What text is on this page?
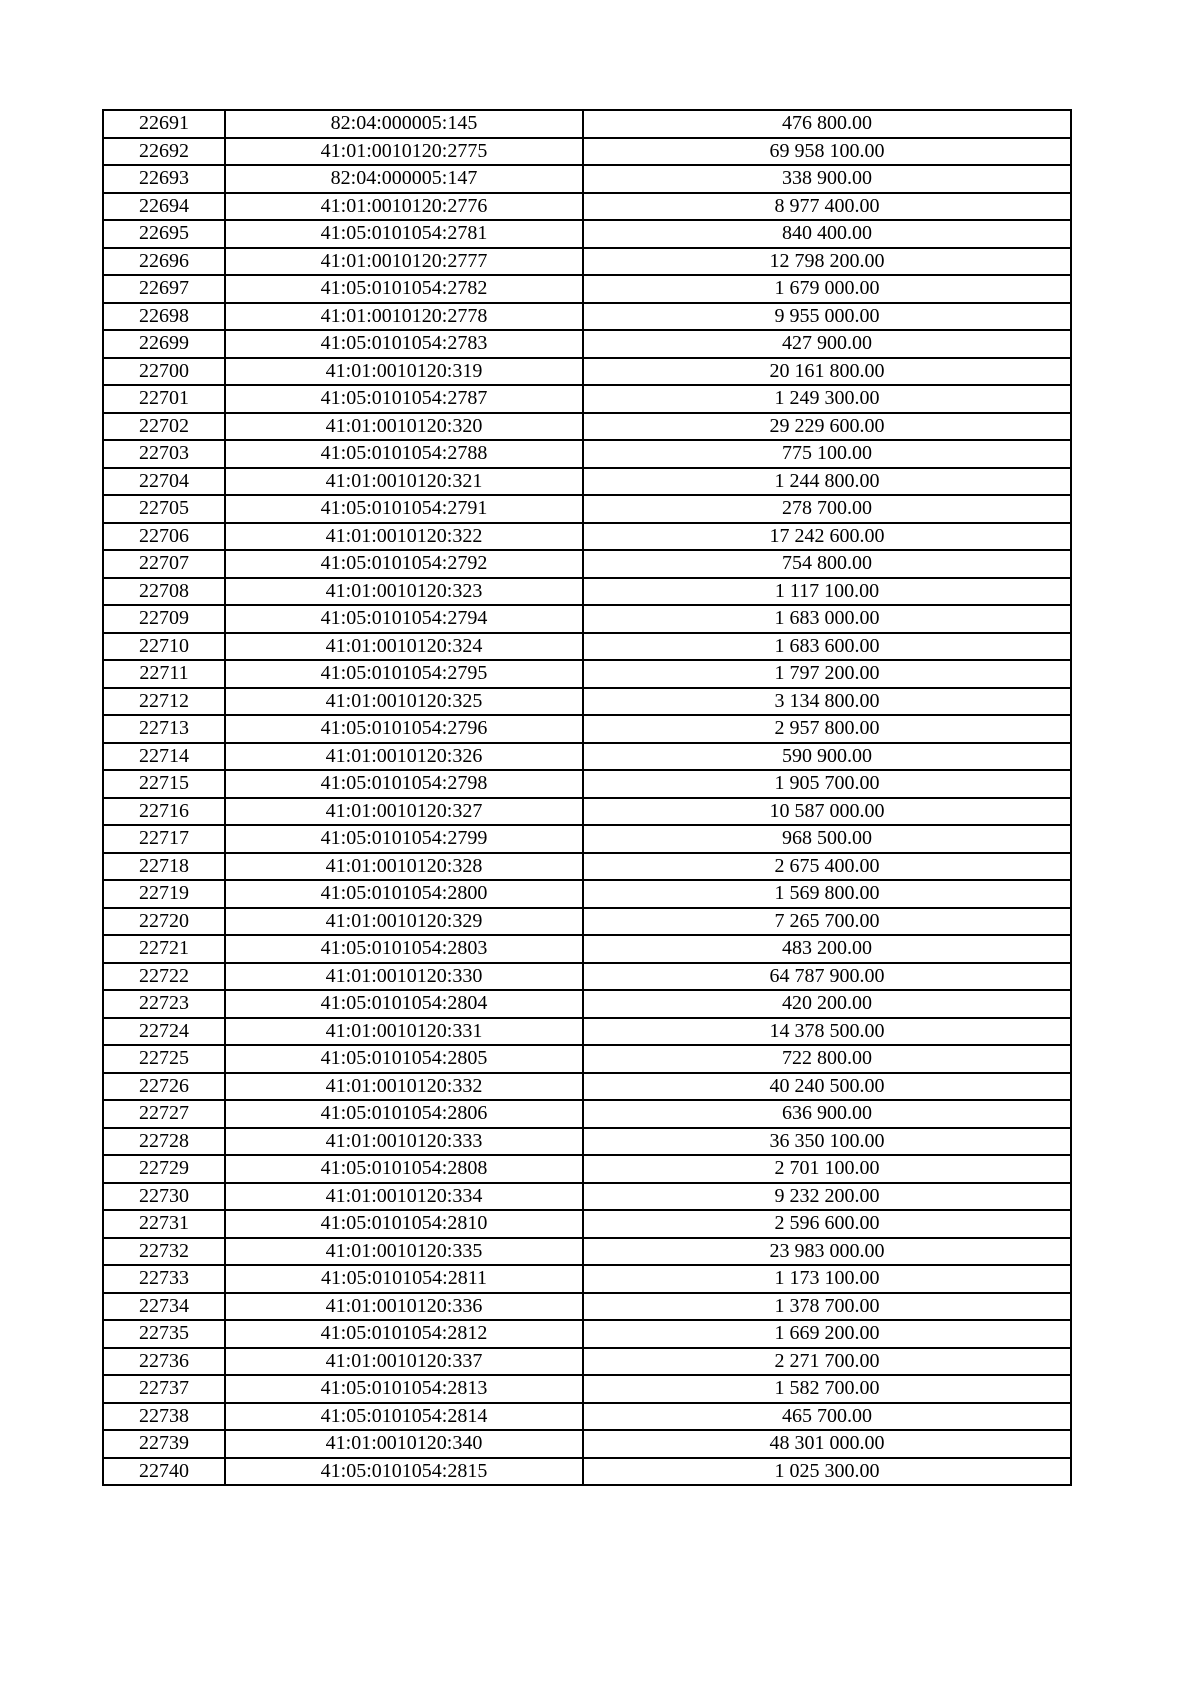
22691	82:04:000005:145	476 800.00
22692	41:01:0010120:2775	69 958 100.00
22693	82:04:000005:147	338 900.00
22694	41:01:0010120:2776	8 977 400.00
22695	41:05:0101054:2781	840 400.00
22696	41:01:0010120:2777	12 798 200.00
22697	41:05:0101054:2782	1 679 000.00
22698	41:01:0010120:2778	9 955 000.00
22699	41:05:0101054:2783	427 900.00
22700	41:01:0010120:319	20 161 800.00
22701	41:05:0101054:2787	1 249 300.00
22702	41:01:0010120:320	29 229 600.00
22703	41:05:0101054:2788	775 100.00
22704	41:01:0010120:321	1 244 800.00
22705	41:05:0101054:2791	278 700.00
22706	41:01:0010120:322	17 242 600.00
22707	41:05:0101054:2792	754 800.00
22708	41:01:0010120:323	1 117 100.00
22709	41:05:0101054:2794	1 683 000.00
22710	41:01:0010120:324	1 683 600.00
22711	41:05:0101054:2795	1 797 200.00
22712	41:01:0010120:325	3 134 800.00
22713	41:05:0101054:2796	2 957 800.00
22714	41:01:0010120:326	590 900.00
22715	41:05:0101054:2798	1 905 700.00
22716	41:01:0010120:327	10 587 000.00
22717	41:05:0101054:2799	968 500.00
22718	41:01:0010120:328	2 675 400.00
22719	41:05:0101054:2800	1 569 800.00
22720	41:01:0010120:329	7 265 700.00
22721	41:05:0101054:2803	483 200.00
22722	41:01:0010120:330	64 787 900.00
22723	41:05:0101054:2804	420 200.00
22724	41:01:0010120:331	14 378 500.00
22725	41:05:0101054:2805	722 800.00
22726	41:01:0010120:332	40 240 500.00
22727	41:05:0101054:2806	636 900.00
22728	41:01:0010120:333	36 350 100.00
22729	41:05:0101054:2808	2 701 100.00
22730	41:01:0010120:334	9 232 200.00
22731	41:05:0101054:2810	2 596 600.00
22732	41:01:0010120:335	23 983 000.00
22733	41:05:0101054:2811	1 173 100.00
22734	41:01:0010120:336	1 378 700.00
22735	41:05:0101054:2812	1 669 200.00
22736	41:01:0010120:337	2 271 700.00
22737	41:05:0101054:2813	1 582 700.00
22738	41:05:0101054:2814	465 700.00
22739	41:01:0010120:340	48 301 000.00
22740	41:05:0101054:2815	1 025 300.00
